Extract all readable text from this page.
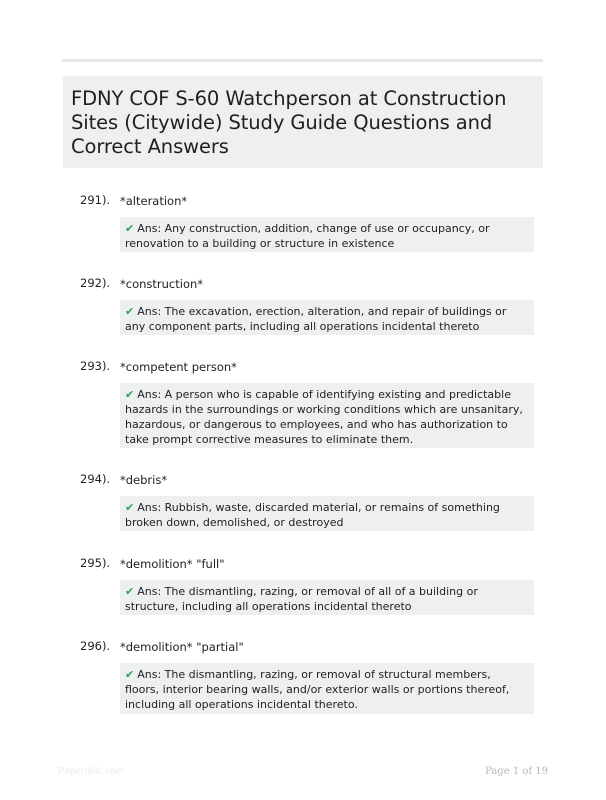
FDNY COF S-60 Watchperson at Construction Sites (Citywide) Study Guide Questions and Correct Answers
291). *alteration*
✔ Ans: Any construction, addition, change of use or occupancy, or renovation to a building or structure in existence
292). *construction*
✔ Ans: The excavation, erection, alteration, and repair of buildings or any component parts, including all operations incidental thereto
293). *competent person*
✔ Ans: A person who is capable of identifying existing and predictable hazards in the surroundings or working conditions which are unsanitary, hazardous, or dangerous to employees, and who has authorization to take prompt corrective measures to eliminate them.
294). *debris*
✔ Ans: Rubbish, waste, discarded material, or remains of something broken down, demolished, or destroyed
295). *demolition* "full"
✔ Ans: The dismantling, razing, or removal of all of a building or structure, including all operations incidental thereto
296). *demolition* "partial"
✔ Ans: The dismantling, razing, or removal of structural members, floors, interior bearing walls, and/or exterior walls or portions thereof, including all operations incidental thereto.
Papertibic.com	Page 1 of 19
